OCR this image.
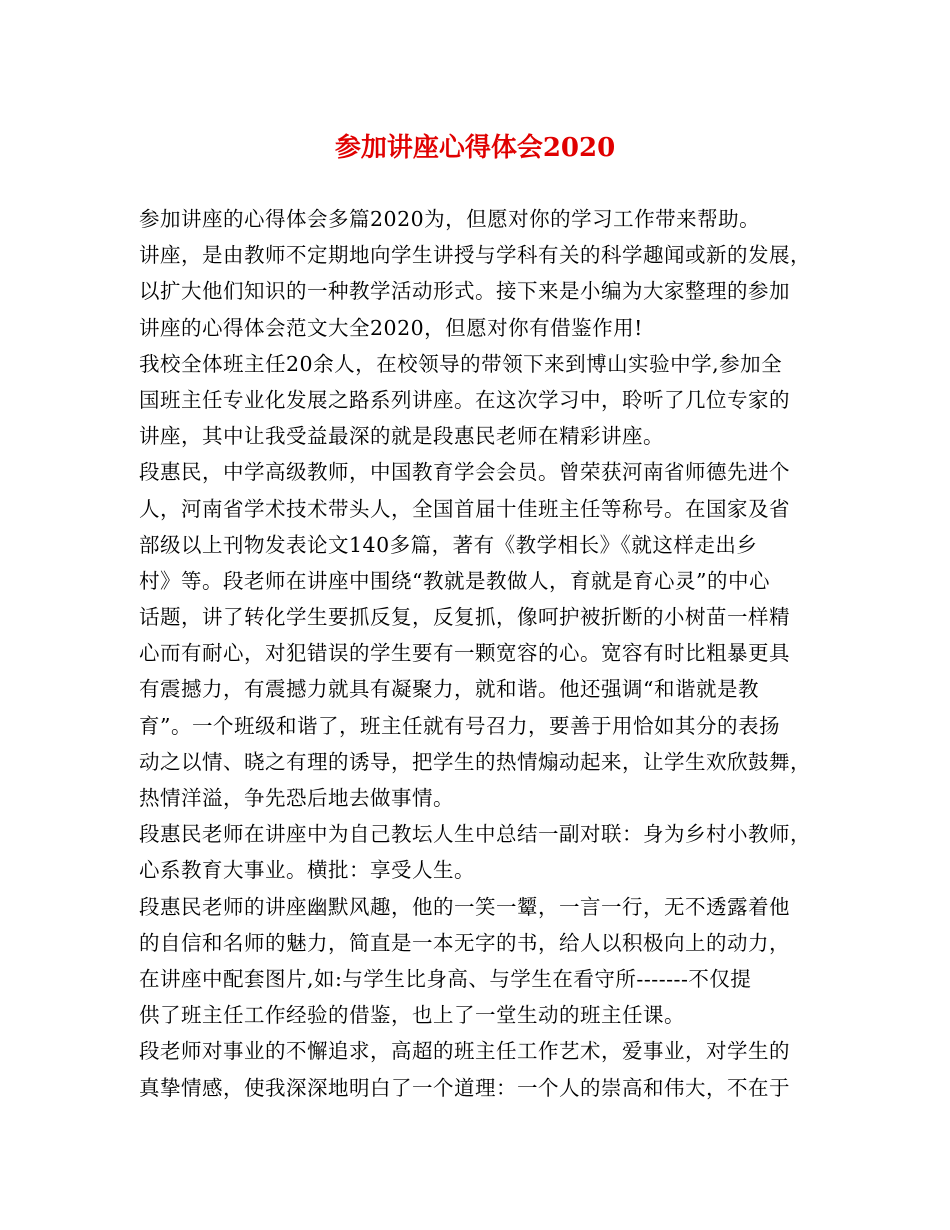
参加讲座心得体会2020
参加讲座的心得体会多篇2020为，但愿对你的学习工作带来帮助。
讲座，是由教师不定期地向学生讲授与学科有关的科学趣闻或新的发展，
以扩大他们知识的一种教学活动形式。接下来是小编为大家整理的参加
讲座的心得体会范文大全2020，但愿对你有借鉴作用!
我校全体班主任20余人，在校领导的带领下来到博山实验中学,参加全
国班主任专业化发展之路系列讲座。在这次学习中，聆听了几位专家的
讲座，其中让我受益最深的就是段惠民老师在精彩讲座。
段惠民，中学高级教师，中国教育学会会员。曾荣获河南省师德先进个
人，河南省学术技术带头人，全国首届十佳班主任等称号。在国家及省
部级以上刊物发表论文140多篇，著有《教学相长》《就这样走出乡
村》等。段老师在讲座中围绕“教就是教做人，育就是育心灵”的中心
话题，讲了转化学生要抓反复，反复抓，像呵护被折断的小树苗一样精
心而有耐心，对犯错误的学生要有一颗宽容的心。宽容有时比粗暴更具
有震撼力，有震撼力就具有凝聚力，就和谐。他还强调“和谐就是教
育”。一个班级和谐了，班主任就有号召力，要善于用恰如其分的表扬
动之以情、晓之有理的诱导，把学生的热情煽动起来，让学生欢欣鼓舞，
热情洋溢，争先恐后地去做事情。
段惠民老师在讲座中为自己教坛人生中总结一副对联：身为乡村小教师，
心系教育大事业。横批：享受人生。
段惠民老师的讲座幽默风趣，他的一笑一颦，一言一行，无不透露着他
的自信和名师的魅力，简直是一本无字的书，给人以积极向上的动力，
在讲座中配套图片,如:与学生比身高、与学生在看守所-------不仅提
供了班主任工作经验的借鉴，也上了一堂生动的班主任课。
段老师对事业的不懈追求，高超的班主任工作艺术，爱事业，对学生的
真挚情感，使我深深地明白了一个道理：一个人的崇高和伟大，不在于
